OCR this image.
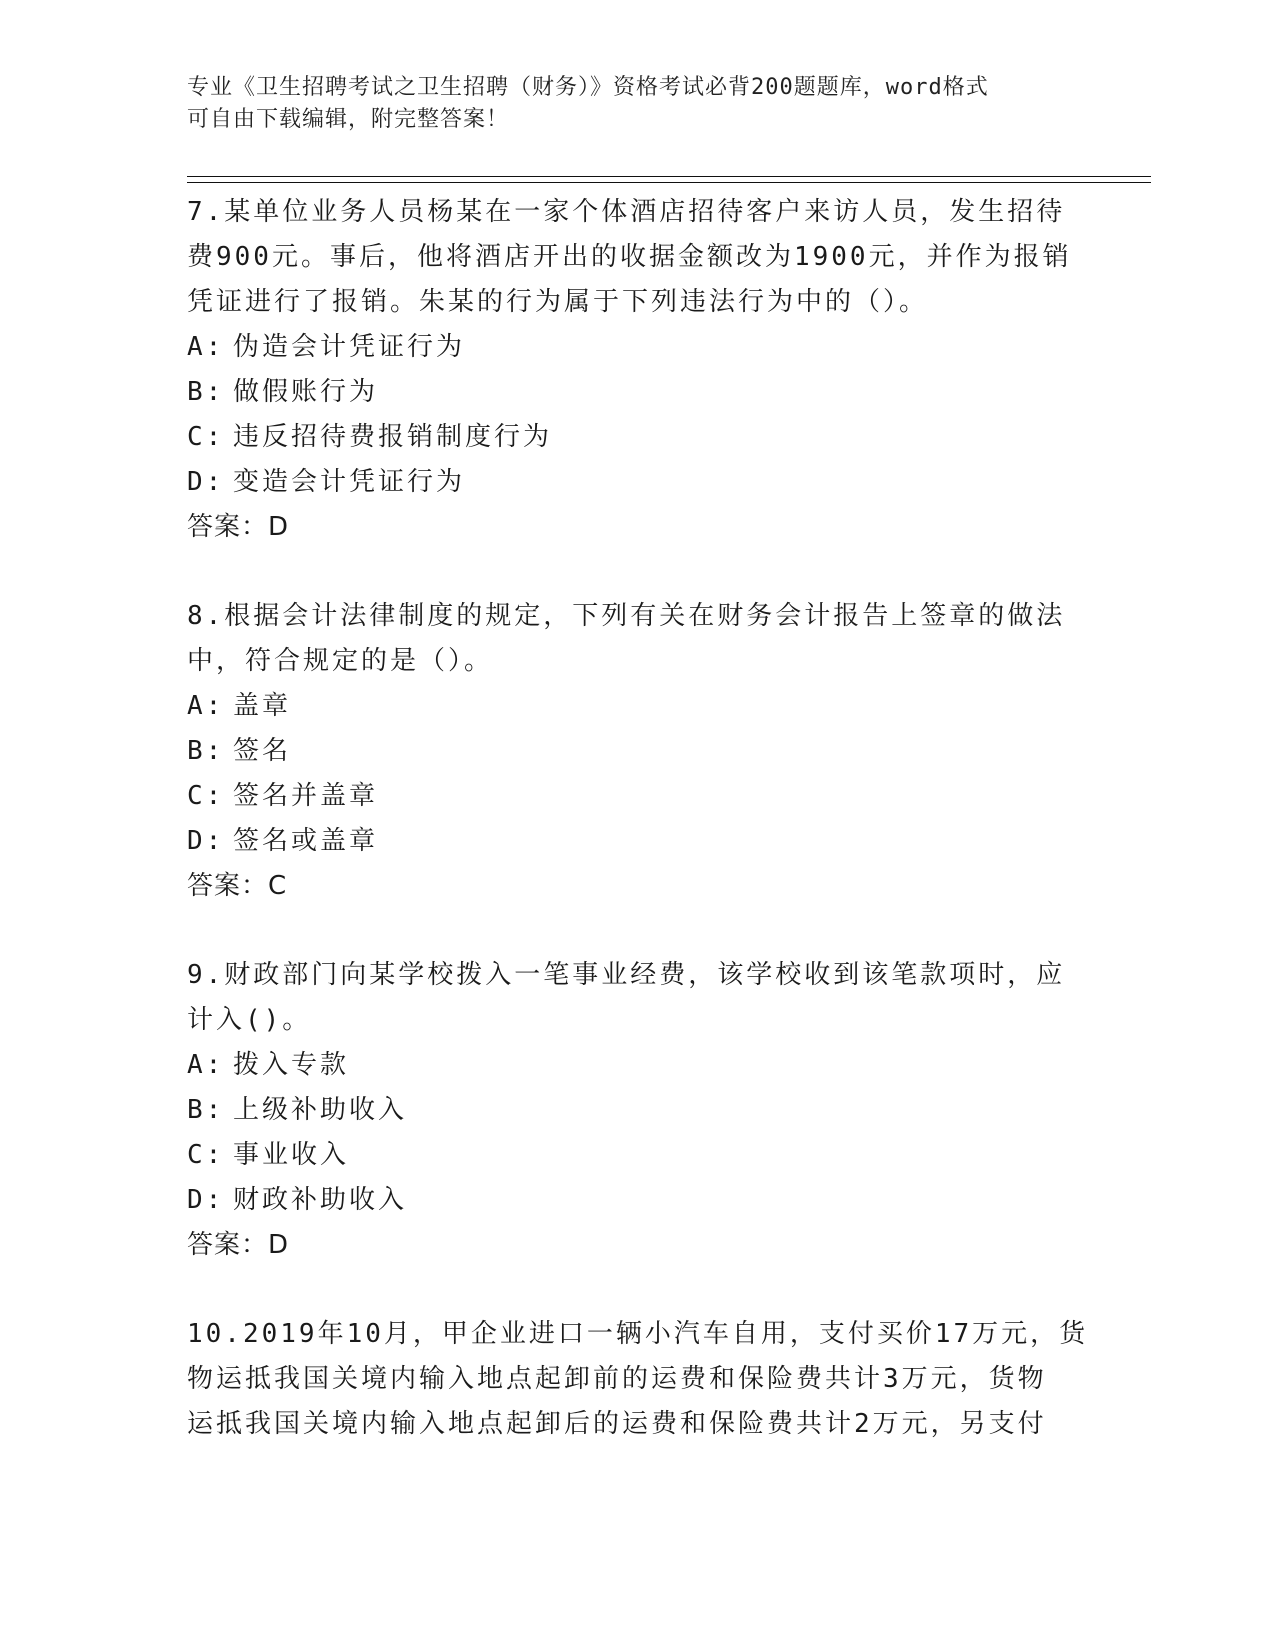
专业《卫生招聘考试之卫生招聘（财务）》资格考试必背200题题库，word格式
可自由下载编辑，附完整答案！
7.某单位业务人员杨某在一家个体酒店招待客户来访人员，发生招待
费900元。事后，他将酒店开出的收据金额改为1900元，并作为报销
凭证进行了报销。朱某的行为属于下列违法行为中的（）。
A: 伪造会计凭证行为
B: 做假账行为
C: 违反招待费报销制度行为
D: 变造会计凭证行为
答案：D
8.根据会计法律制度的规定，下列有关在财务会计报告上签章的做法
中，符合规定的是（）。
A: 盖章
B: 签名
C: 签名并盖章
D: 签名或盖章
答案：C
9.财政部门向某学校拨入一笔事业经费，该学校收到该笔款项时，应
计入()。
A: 拨入专款
B: 上级补助收入
C: 事业收入
D: 财政补助收入
答案：D
10.2019年10月，甲企业进口一辆小汽车自用，支付买价17万元，货
物运抵我国关境内输入地点起卸前的运费和保险费共计3万元，货物
运抵我国关境内输入地点起卸后的运费和保险费共计2万元，另支付
